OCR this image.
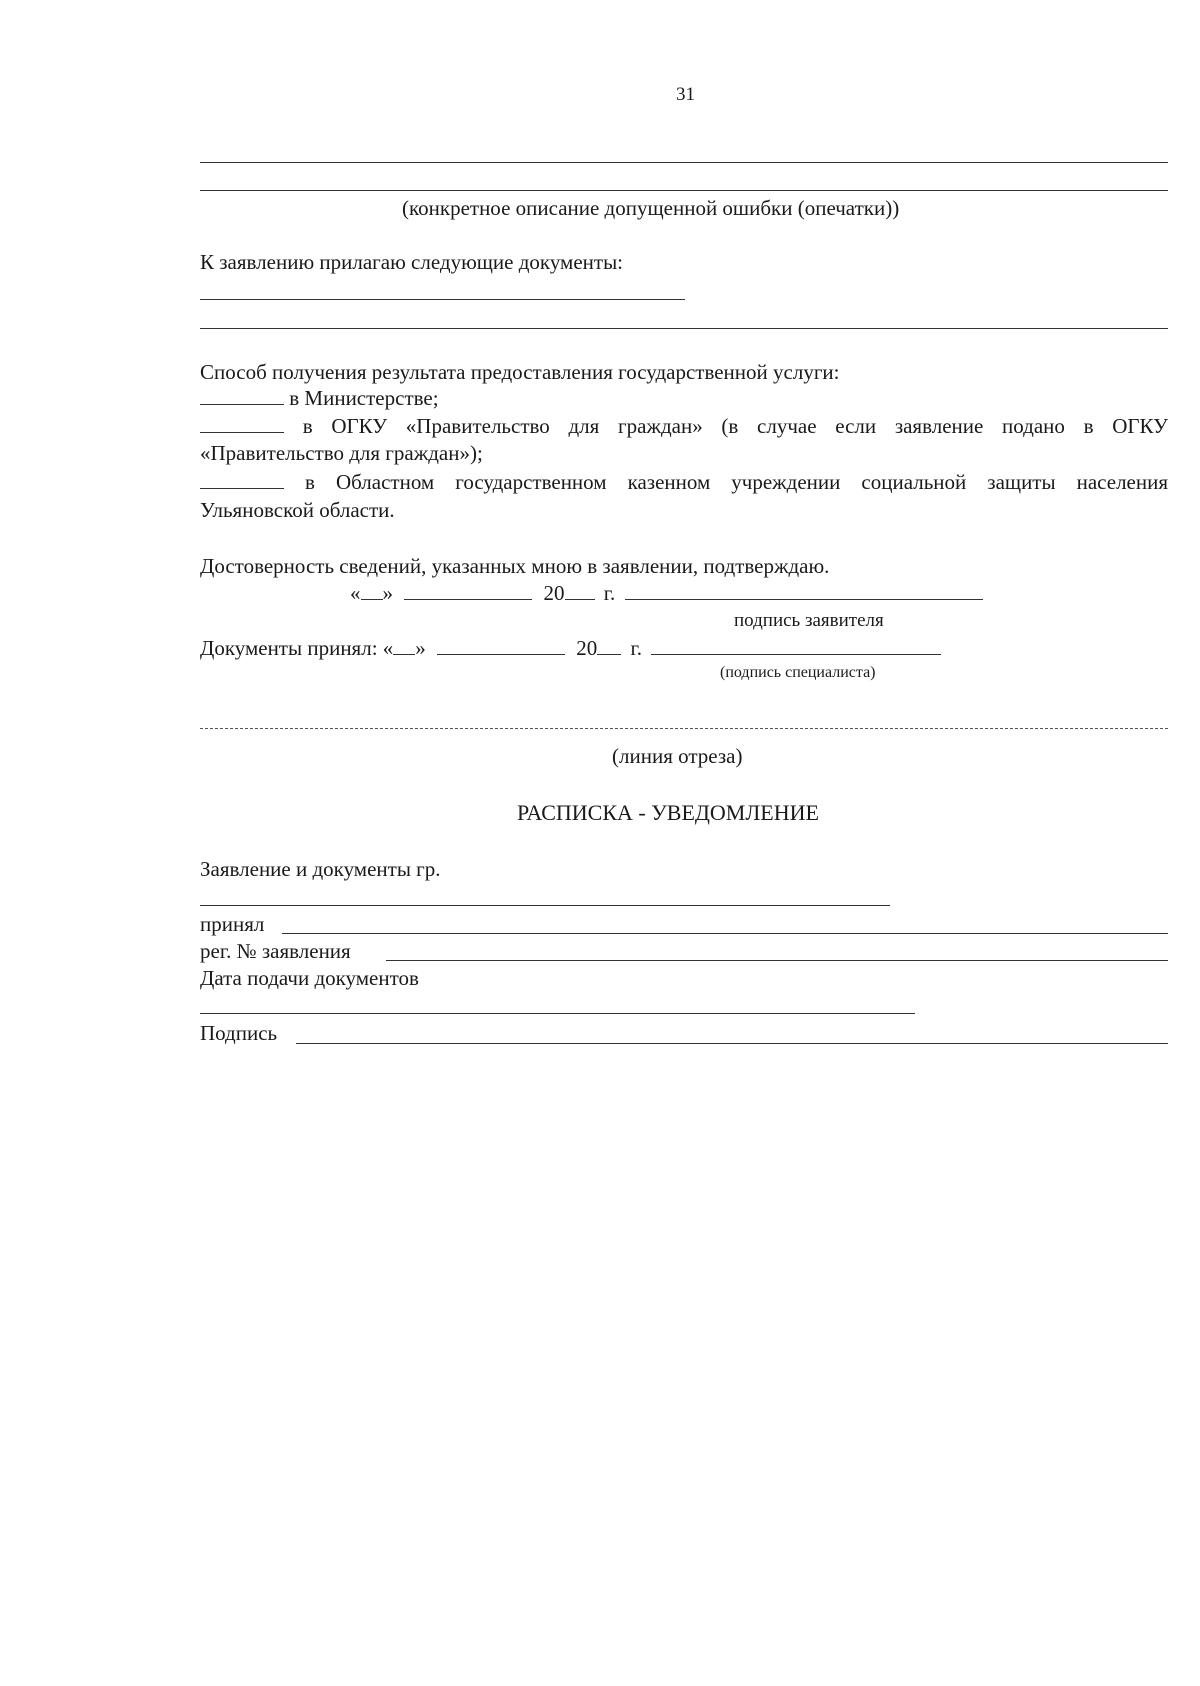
31
(конкретное описание допущенной ошибки (опечатки))
К заявлению прилагаю следующие документы:
Способ получения результата предоставления государственной услуги:
в Министерстве;
в ОГКУ «Правительство для граждан» (в случае если заявление подано в ОГКУ
«Правительство для граждан»);
в Областном государственном казенном учреждении социальной защиты населения
Ульяновской области.
Достоверность сведений, указанных мною в заявлении, подтверждаю.
« »	20 г.
подпись заявителя
Документы принял: « »	20 г.
(подпись специалиста)
(линия отреза)
РАСПИСКА - УВЕДОМЛЕНИЕ
Заявление и документы гр.
принял
рег. № заявления
Дата подачи документов
Подпись
